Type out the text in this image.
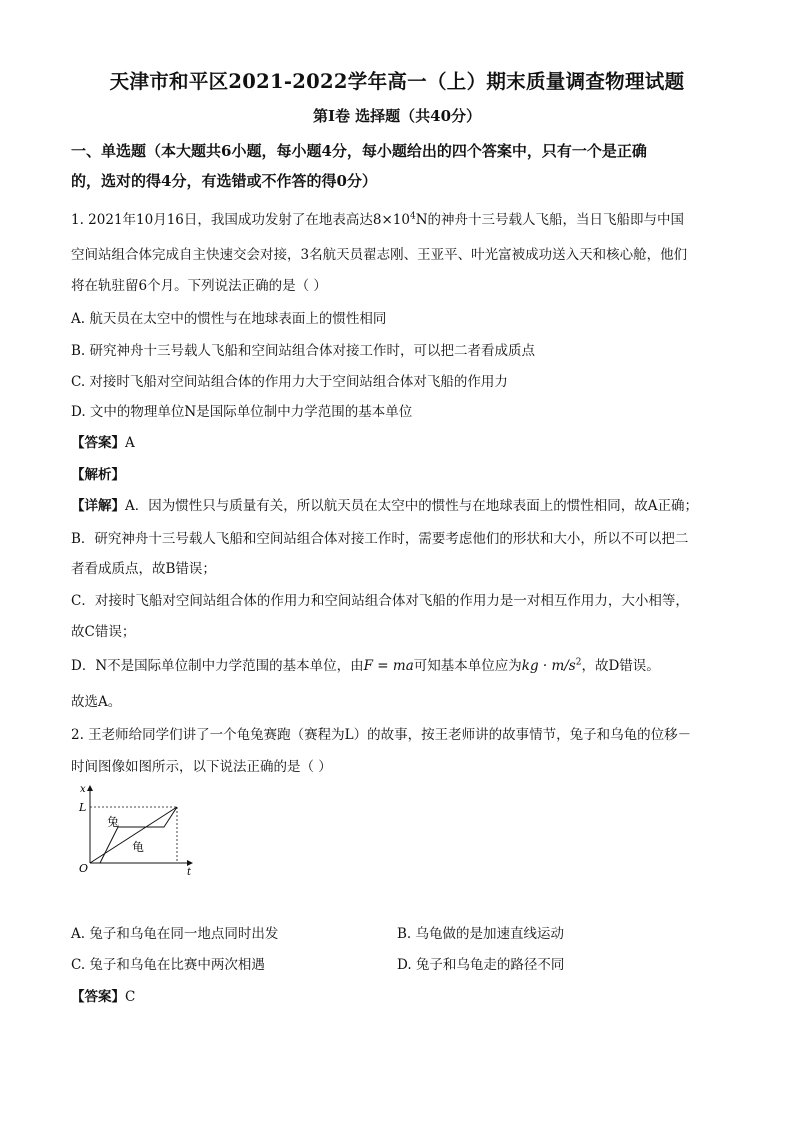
天津市和平区2021-2022学年高一（上）期末质量调查物理试题
第Ⅰ卷 选择题（共40分）
一、单选题（本大题共6小题，每小题4分，每小题给出的四个答案中，只有一个是正确
的，选对的得4分，有选错或不作答的得0分）
1. 2021年10月16日，我国成功发射了在地表高达$8\times 10^4N$的神舟十三号载人飞船，当日飞船即与中国
空间站组合体完成自主快速交会对接，3名航天员翟志刚、王亚平、叶光富被成功送入天和核心舱，他们
将在轨驻留6个月。下列说法正确的是（ ）
A. 航天员在太空中的惯性与在地球表面上的惯性相同
B. 研究神舟十三号载人飞船和空间站组合体对接工作时，可以把二者看成质点
C. 对接时飞船对空间站组合体的作用力大于空间站组合体对飞船的作用力
D. 文中的物理单位N是国际单位制中力学范围的基本单位
【答案】A
【解析】
【详解】A．因为惯性只与质量有关，所以航天员在太空中的惯性与在地球表面上的惯性相同，故A正确；
B．研究神舟十三号载人飞船和空间站组合体对接工作时，需要考虑他们的形状和大小，所以不可以把二
者看成质点，故B错误；
C．对接时飞船对空间站组合体的作用力和空间站组合体对飞船的作用力是一对相互作用力，大小相等，
故C错误；
D．N不是国际单位制中力学范围的基本单位，由F = ma可知基本单位应为kg · $m/s^2$，故D错误。
故选A。
2. 王老师给同学们讲了一个龟兔赛跑（赛程为L）的故事，按王老师讲的故事情节，兔子和乌龟的位移－
时间图像如图所示，以下说法正确的是（ ）
x
L
O	t
兔
龟
A. 兔子和乌龟在同一地点同时出发	B. 乌龟做的是加速直线运动
C. 兔子和乌龟在比赛中两次相遇	D. 兔子和乌龟走的路径不同
【答案】C
